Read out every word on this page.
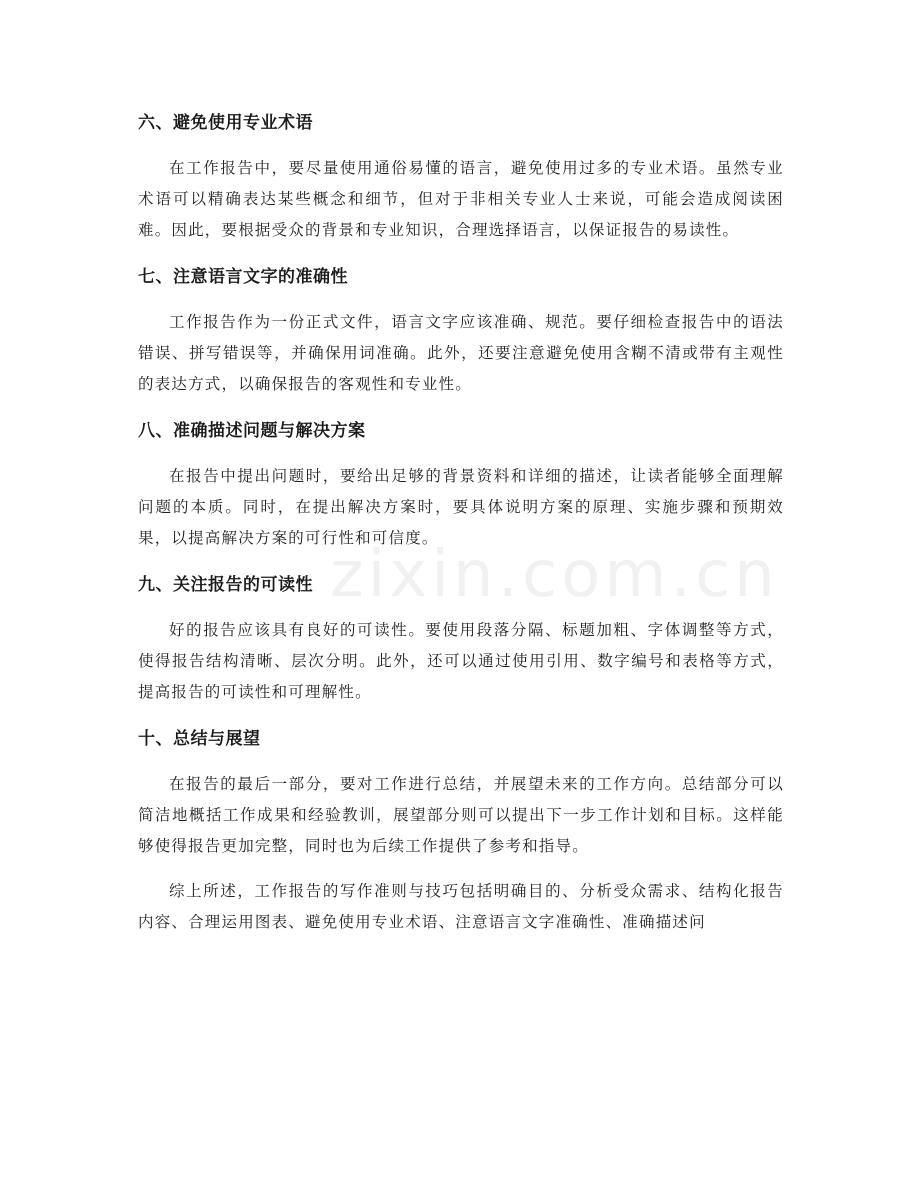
zixin.com.cn
六、避免使用专业术语

在工作报告中，要尽量使用通俗易懂的语言，避免使用过多的专业术语。虽然专业术语可以精确表达某些概念和细节，但对于非相关专业人士来说，可能会造成阅读困难。因此，要根据受众的背景和专业知识，合理选择语言，以保证报告的易读性。

七、注意语言文字的准确性

工作报告作为一份正式文件，语言文字应该准确、规范。要仔细检查报告中的语法错误、拼写错误等，并确保用词准确。此外，还要注意避免使用含糊不清或带有主观性的表达方式，以确保报告的客观性和专业性。

八、准确描述问题与解决方案

在报告中提出问题时，要给出足够的背景资料和详细的描述，让读者能够全面理解问题的本质。同时，在提出解决方案时，要具体说明方案的原理、实施步骤和预期效果，以提高解决方案的可行性和可信度。

九、关注报告的可读性

好的报告应该具有良好的可读性。要使用段落分隔、标题加粗、字体调整等方式，使得报告结构清晰、层次分明。此外，还可以通过使用引用、数字编号和表格等方式，提高报告的可读性和可理解性。

十、总结与展望

在报告的最后一部分，要对工作进行总结，并展望未来的工作方向。总结部分可以简洁地概括工作成果和经验教训，展望部分则可以提出下一步工作计划和目标。这样能够使得报告更加完整，同时也为后续工作提供了参考和指导。

综上所述，工作报告的写作准则与技巧包括明确目的、分析受众需求、结构化报告内容、合理运用图表、避免使用专业术语、注意语言文字准确性、准确描述问
